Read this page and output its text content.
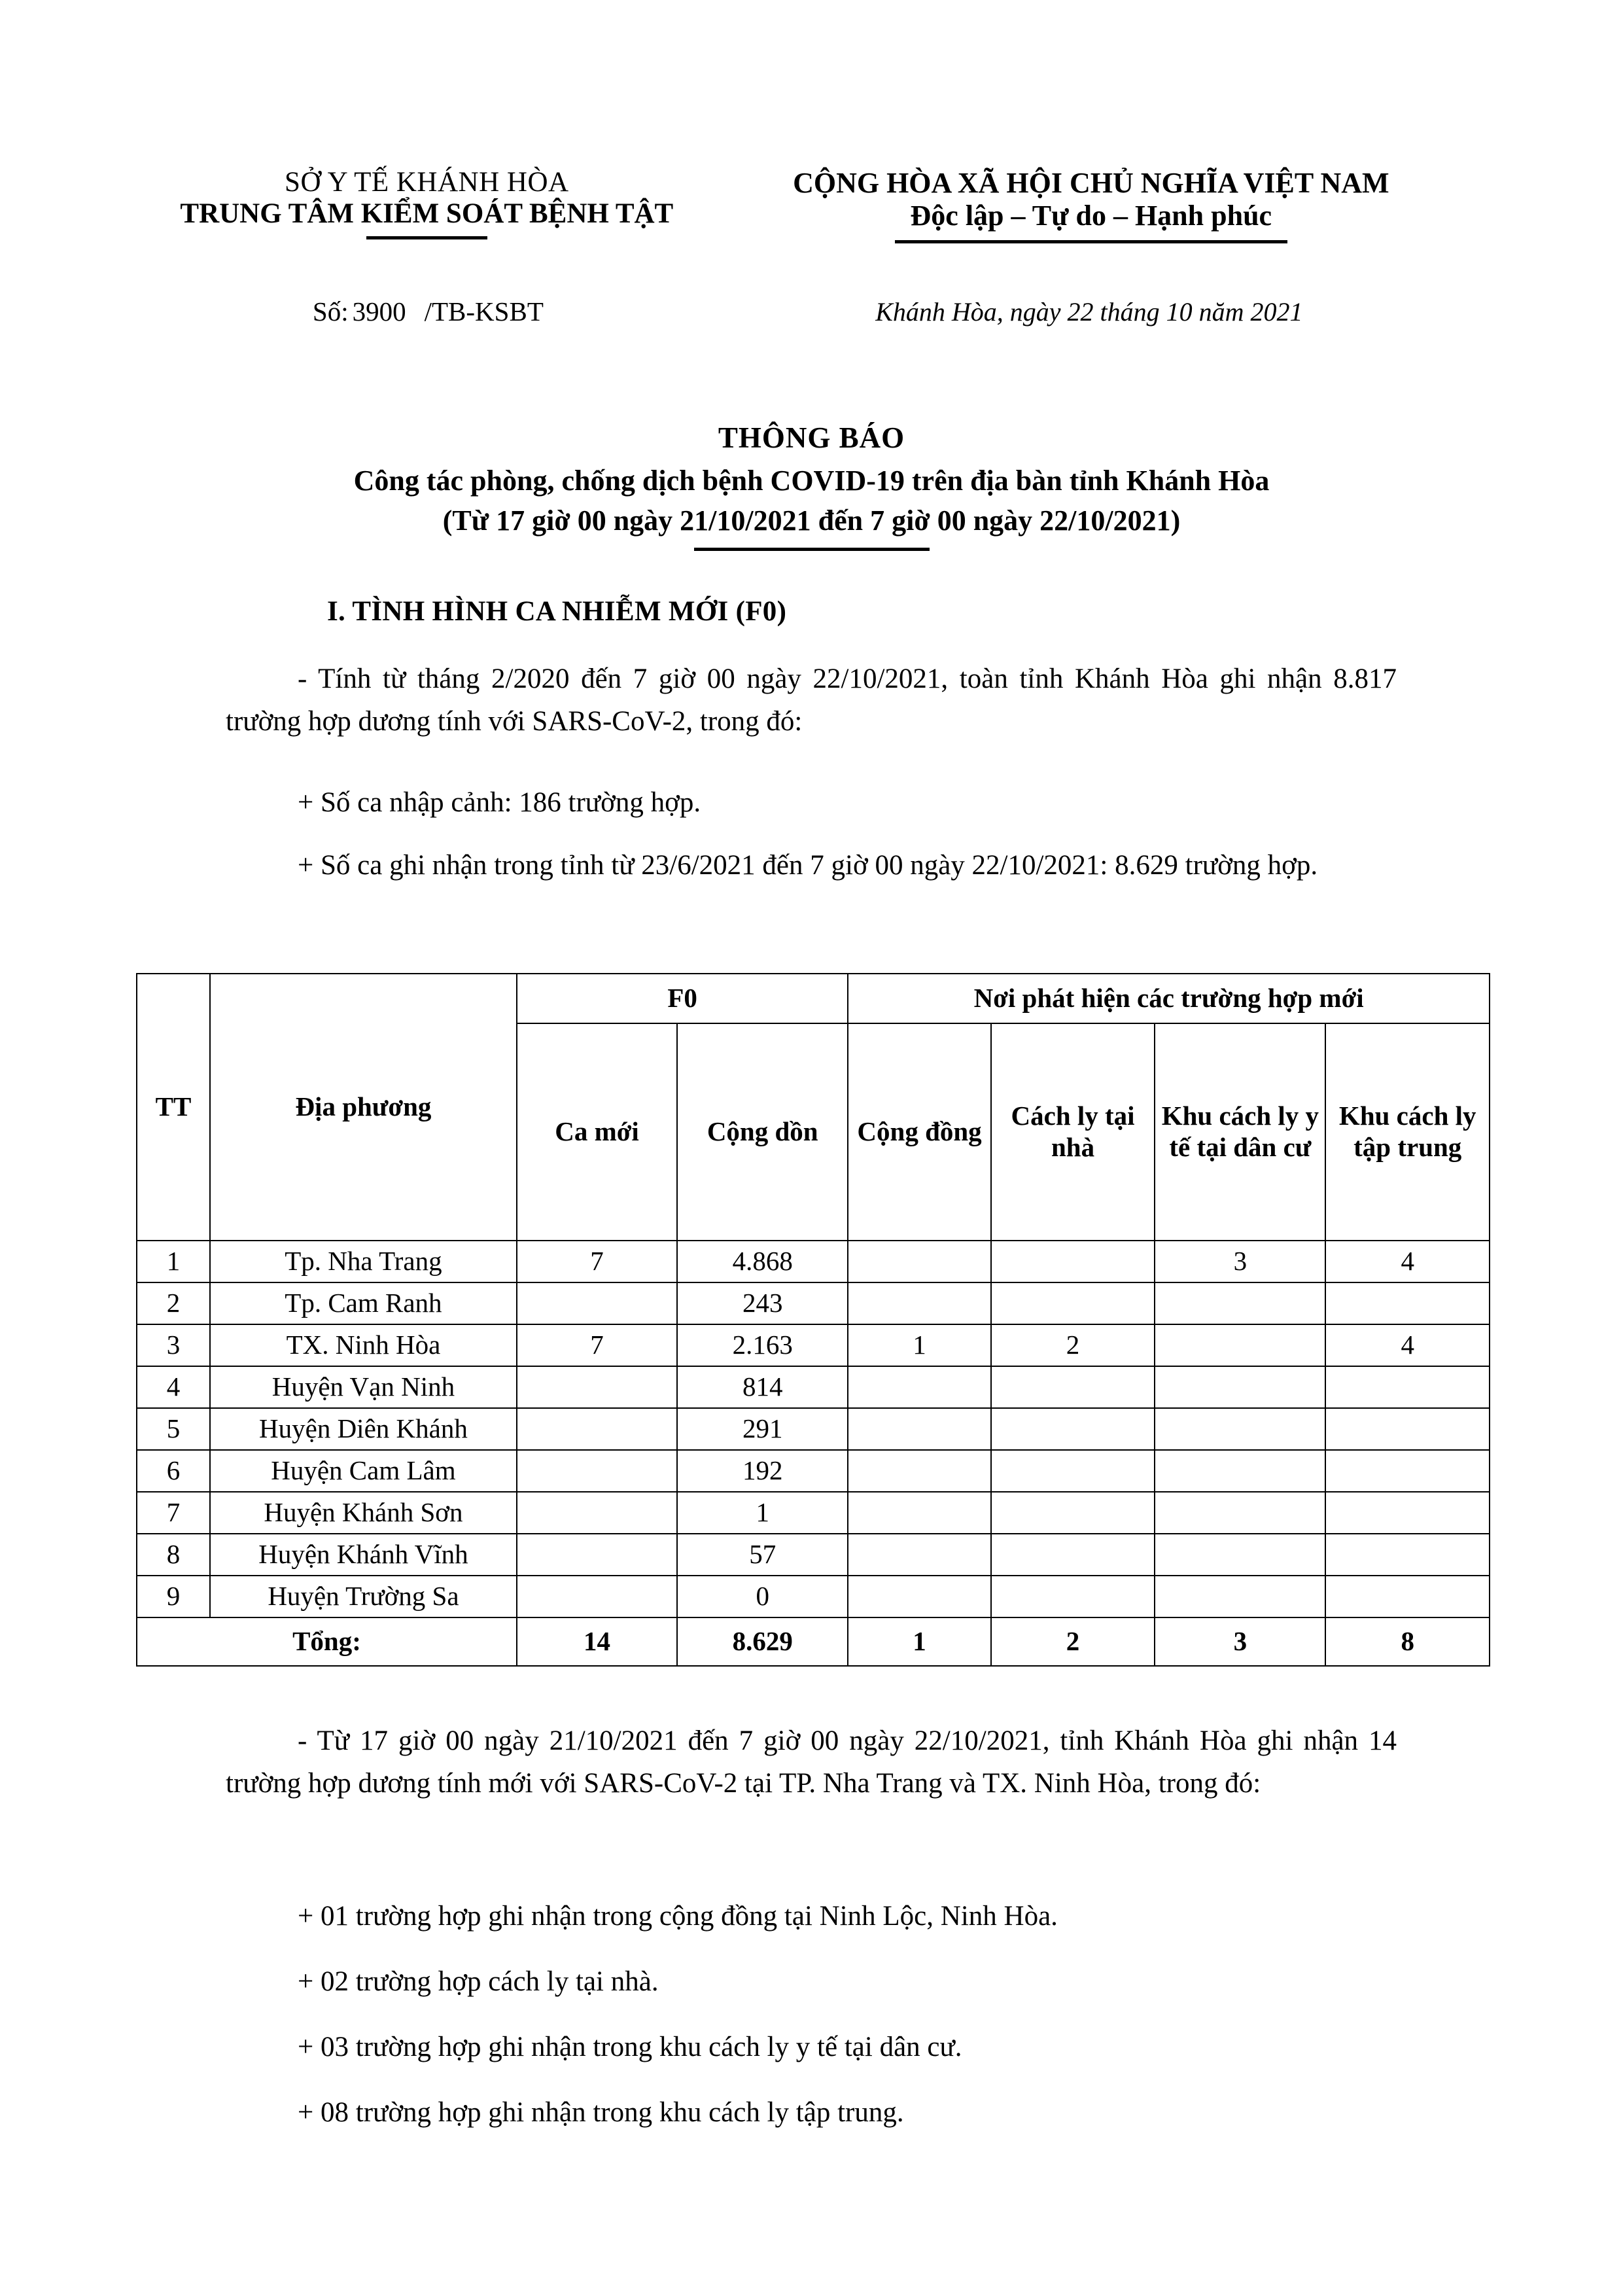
SỞ Y TẾ KHÁNH HÒA
TRUNG TÂM KIỂM SOÁT BỆNH TẬT
CỘNG HÒA XÃ HỘI CHỦ NGHĨA VIỆT NAM
Độc lập – Tự do – Hạnh phúc
Số: 3900 /TB-KSBT	Khánh Hòa, ngày 22 tháng 10 năm 2021
THÔNG BÁO
Công tác phòng, chống dịch bệnh COVID-19 trên địa bàn tỉnh Khánh Hòa
(Từ 17 giờ 00 ngày 21/10/2021 đến 7 giờ 00 ngày 22/10/2021)
I. TÌNH HÌNH CA NHIỄM MỚI (F0)

- Tính từ tháng 2/2020 đến 7 giờ 00 ngày 22/10/2021, toàn tỉnh Khánh Hòa ghi nhận 8.817 trường hợp dương tính với SARS-CoV-2, trong đó:

+ Số ca nhập cảnh: 186 trường hợp.

+ Số ca ghi nhận trong tỉnh từ 23/6/2021 đến 7 giờ 00 ngày 22/10/2021: 8.629 trường hợp.

TT	Địa phương	F0		Nơi phát hiện các trường hợp mới			
		Ca mới	Cộng dồn	Cộng đồng	Cách ly tại nhà	Khu cách ly y tế tại dân cư	Khu cách ly tập trung
1	Tp. Nha Trang	7	4.868			3	4
2	Tp. Cam Ranh		243				
3	TX. Ninh Hòa	7	2.163	1	2		4
4	Huyện Vạn Ninh		814				
5	Huyện Diên Khánh		291				
6	Huyện Cam Lâm		192				
7	Huyện Khánh Sơn		1				
8	Huyện Khánh Vĩnh		57				
9	Huyện Trường Sa		0				
Tổng:		14	8.629	1	2	3	8

- Từ 17 giờ 00 ngày 21/10/2021 đến 7 giờ 00 ngày 22/10/2021, tỉnh Khánh Hòa ghi nhận 14 trường hợp dương tính mới với SARS-CoV-2 tại TP. Nha Trang và TX. Ninh Hòa, trong đó:

+ 01 trường hợp ghi nhận trong cộng đồng tại Ninh Lộc, Ninh Hòa.

+ 02 trường hợp cách ly tại nhà.

+ 03 trường hợp ghi nhận trong khu cách ly y tế tại dân cư.

+ 08 trường hợp ghi nhận trong khu cách ly tập trung.
